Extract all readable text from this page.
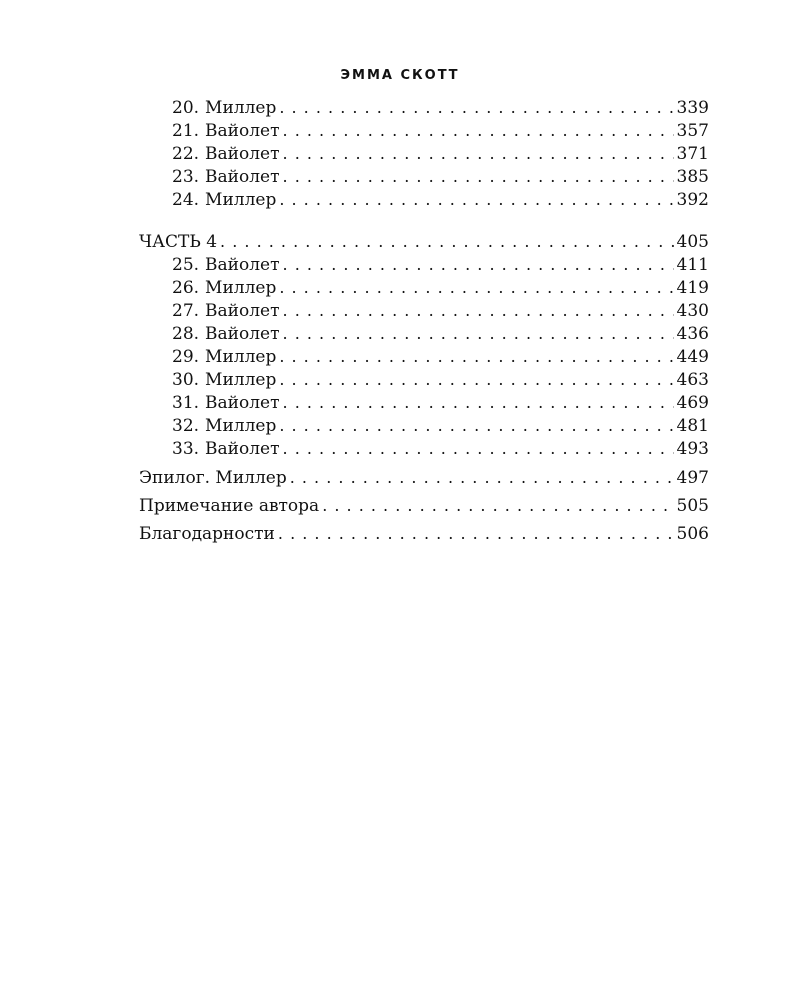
ЭММА СКОТТ
20. Миллер . . .	339
21. Вайолет . . .	357
22. Вайолет . . .	371
23. Вайолет . . .	385
24. Миллер . . .	392
ЧАСТЬ 4 . . .	405
25. Вайолет . . .	411
26. Миллер . . .	419
27. Вайолет . . .	430
28. Вайолет . . .	436
29. Миллер . . .	449
30. Миллер . . .	463
31. Вайолет . . .	469
32. Миллер . . .	481
33. Вайолет . . .	493
Эпилог. Миллер . . .	497
Примечание автора . . .	505
Благодарности . . .	506
